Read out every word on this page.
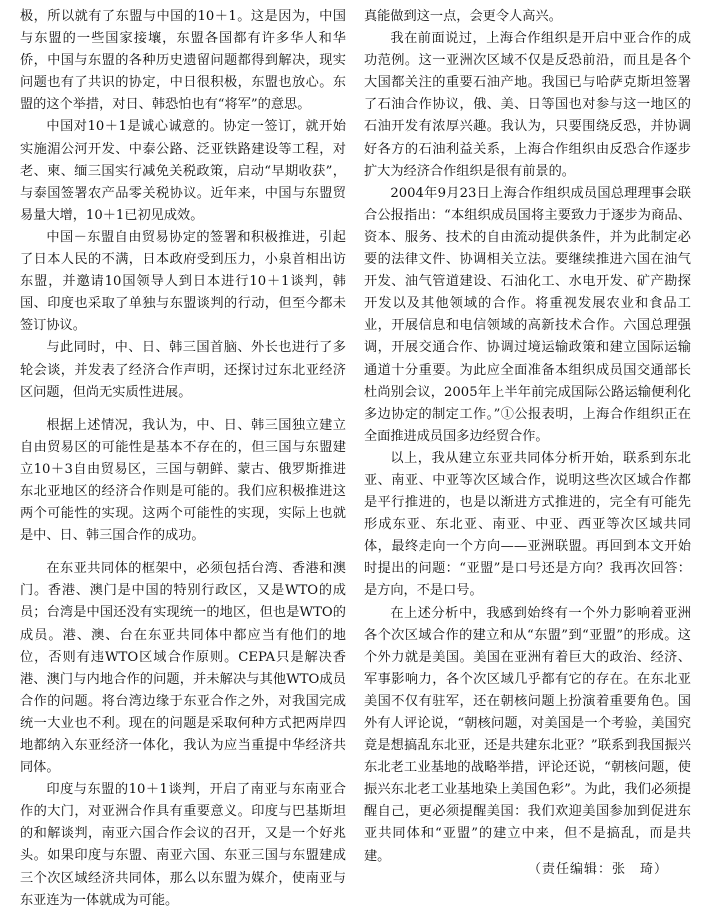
极，所以就有了东盟与中国的10＋1。这是因为，中国与东盟的一些国家接壤，东盟各国都有许多华人和华侨，中国与东盟的各种历史遗留问题都得到解决，现实问题也有了共识的协定，中日很积极，东盟也放心。东盟的这个举措，对日、韩恐怕也有“将军”的意思。

中国对10＋1是诚心诚意的。协定一签订，就开始实施湄公河开发、中泰公路、泛亚铁路建设等工程，对老、柬、缅三国实行减免关税政策，启动“早期收获”，与泰国签署农产品零关税协议。近年来，中国与东盟贸易量大增，10＋1已初见成效。

中国－东盟自由贸易协定的签署和积极推进，引起了日本人民的不满，日本政府受到压力，小泉首相出访东盟，并邀请10国领导人到日本进行10＋1谈判，韩国、印度也采取了单独与东盟谈判的行动，但至今都未签订协议。

与此同时，中、日、韩三国首脑、外长也进行了多轮会谈，并发表了经济合作声明，还探讨过东北亚经济区问题，但尚无实质性进展。

根据上述情况，我认为，中、日、韩三国独立建立自由贸易区的可能性是基本不存在的，但三国与东盟建立10＋3自由贸易区，三国与朝鲜、蒙古、俄罗斯推进东北亚地区的经济合作则是可能的。我们应积极推进这两个可能性的实现。这两个可能性的实现，实际上也就是中、日、韩三国合作的成功。

在东亚共同体的框架中，必须包括台湾、香港和澳门。香港、澳门是中国的特别行政区，又是WTO的成员；台湾是中国还没有实现统一的地区，但也是WTO的成员。港、澳、台在东亚共同体中都应当有他们的地位，否则有违WTO区域合作原则。CEPA只是解决香港、澳门与内地合作的问题，并未解决与其他WTO成员合作的问题。将台湾边缘于东亚合作之外，对我国完成统一大业也不利。现在的问题是采取何种方式把两岸四地都纳入东亚经济一体化，我认为应当重提中华经济共同体。

印度与东盟的10＋1谈判，开启了南亚与东南亚合作的大门，对亚洲合作具有重要意义。印度与巴基斯坦的和解谈判，南亚六国合作会议的召开，又是一个好兆头。如果印度与东盟、南亚六国、东亚三国与东盟建成三个次区域经济共同体，那么以东盟为媒介，使南亚与东亚连为一体就成为可能。

真能做到这一点，会更令人高兴。

我在前面说过，上海合作组织是开启中亚合作的成功范例。这一亚洲次区域不仅是反恐前沿，而且是各个大国都关注的重要石油产地。我国已与哈萨克斯坦签署了石油合作协议，俄、美、日等国也对参与这一地区的石油开发有浓厚兴趣。我认为，只要围绕反恐，并协调好各方的石油利益关系，上海合作组织由反恐合作逐步扩大为经济合作组织是很有前景的。

2004年9月23日上海合作组织成员国总理理事会联合公报指出：“本组织成员国将主要致力于逐步为商品、资本、服务、技术的自由流动提供条件，并为此制定必要的法律文件、协调相关立法。要继续推进六国在油气开发、油气管道建设、石油化工、水电开发、矿产勘探开发以及其他领域的合作。将重视发展农业和食品工业，开展信息和电信领域的高新技术合作。六国总理强调，开展交通合作、协调过境运输政策和建立国际运输通道十分重要。为此应全面准备本组织成员国交通部长杜尚别会议，2005年上半年前完成国际公路运输便利化多边协定的制定工作。”①公报表明，上海合作组织正在全面推进成员国多边经贸合作。

以上，我从建立东亚共同体分析开始，联系到东北亚、南亚、中亚等次区域合作，说明这些次区域合作都是平行推进的，也是以渐进方式推进的，完全有可能先形成东亚、东北亚、南亚、中亚、西亚等次区域共同体，最终走向一个方向——亚洲联盟。再回到本文开始时提出的问题：“亚盟”是口号还是方向？我再次回答：是方向，不是口号。

在上述分析中，我感到始终有一个外力影响着亚洲各个次区域合作的建立和从“东盟”到“亚盟”的形成。这个外力就是美国。美国在亚洲有着巨大的政治、经济、军事影响力，各个次区域几乎都有它的存在。在东北亚美国不仅有驻军，还在朝核问题上扮演着重要角色。国外有人评论说，“朝核问题，对美国是一个考验，美国究竟是想搞乱东北亚，还是共建东北亚？”联系到我国振兴东北老工业基地的战略举措，评论还说，“朝核问题，使振兴东北老工业基地染上美国色彩”。为此，我们必须提醒自己，更必须提醒美国：我们欢迎美国参加到促进东亚共同体和“亚盟”的建立中来，但不是搞乱，而是共建。

（责任编辑：张　琦）
